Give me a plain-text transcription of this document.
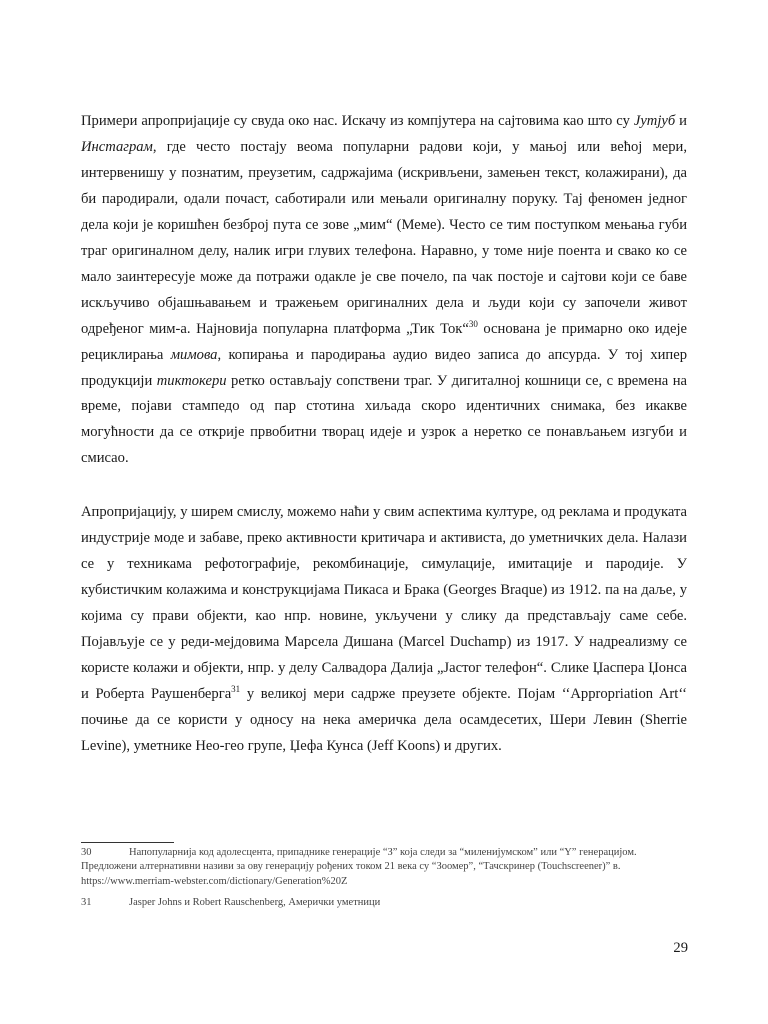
Примери апропријације су свуда око нас. Искачу из компјутера на сајтовима као што су Јутјуб и Инстаграм, где често постају веома популарни радови који, у мањој или већој мери, интервенишу у познатим, преузетим, садржајима (искривљени, замењен текст, колажирани), да би пародирали, одали почаст, саботирали или мењали оригиналну поруку. Тај феномен једног дела који је коришћен безброј пута се зове „мим“ (Меме). Често се тим поступком мењања губи траг оригиналном делу, налик игри глувих телефона. Наравно, у томе није поента и свако ко се мало заинтересује може да потражи одакле је све почело, па чак постоје и сајтови који се баве искључиво објашњавањем и тражењем оригиналних дела и људи који су започели живот одређеног мим-а. Најновија популарна платформа „Тик Ток“$^{30}$ основана је примарно око идеје рециклирања мимова, копирања и пародирања аудио видео записа до апсурда. У тој хипер продукцији тиктокери ретко остављају сопствени траг. У дигиталној кошници се, с времена на време, појави стампедо од пар стотина хиљада скоро идентичних снимака, без икакве могућности да се открије првобитни творац идеје и узрок а неретко се понављањем изгуби и смисао.

Апропријацију, у ширем смислу, можемо наћи у свим аспектима културе, од реклама и продуката индустрије моде и забаве, преко активности критичара и активиста, до уметничких дела. Налази се у техникама рефотографије, рекомбинације, симулације, имитације и пародије. У кубистичким колажима и конструкцијама Пикаса и Брака (Georges Braque) из 1912. па на даље, у којима су прави објекти, као нпр. новине, укључени у слику да представљају саме себе. Појављује се у реди-мејдовима Марсела Дишана (Marcel Duchamp) из 1917. У надреализму се користе колажи и објекти, нпр. у делу Салвадора Далија „Јастог телефон“. Слике Џаспера Џонса и Роберта Раушенберга$^{31}$ у великој мери садрже преузете објекте. Појам ‘‘Appropriation Art‘‘ почиње да се користи у односу на нека америчка дела осамдесетих, Шери Левин (Sherrie Levine), уметнике Нео-гео групе, Џефа Кунса (Jeff Koons) и других.

30	Напопуларнија код адолесцента, припаднике генерације “З” која следи за “миленијумском” или “Y” генерацијом. Предложени алтернативни називи за ову генерацију рођених током 21 века су “Зоомер”, “Тачскринер (Touchscreener)” в. https://www.merriam-webster.com/dictionary/Generation%20Z

31	Jasper Johns и Robert Rauschenberg, Амерички уметници

29
